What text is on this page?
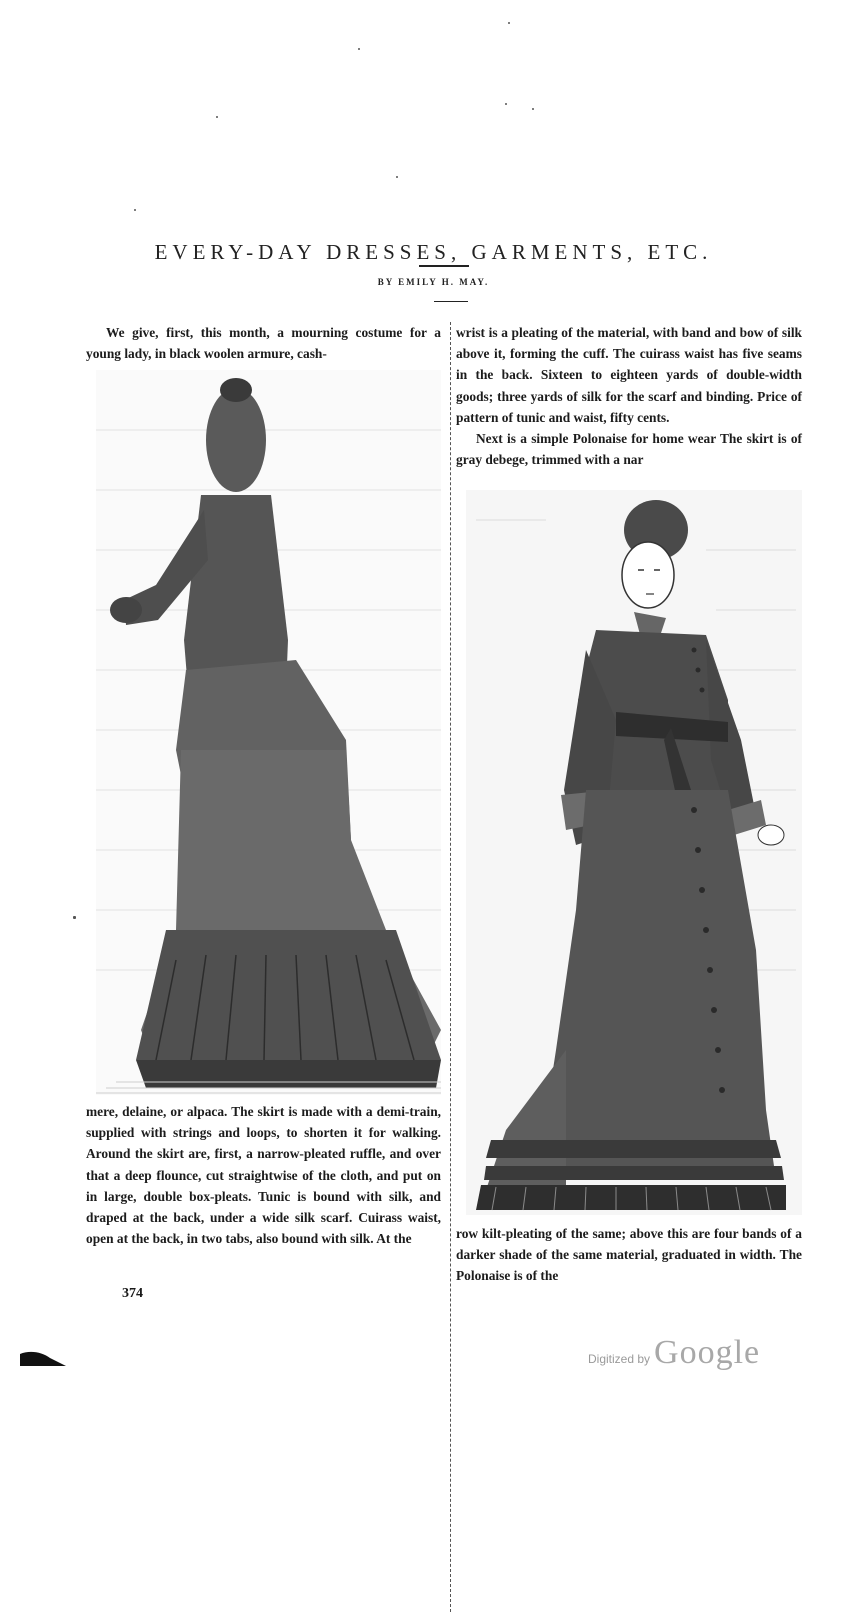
EVERY-DAY DRESSES, GARMENTS, ETC.
BY EMILY H. MAY.

We give, first, this month, a mourning costume for a young lady, in black woolen armure, cash-

mere, delaine, or alpaca. The skirt is made with a demi-train, supplied with strings and loops, to shorten it for walking. Around the skirt are, first, a narrow-pleated ruffle, and over that a deep flounce, cut straightwise of the cloth, and put on in large, double box-pleats. Tunic is bound with silk, and draped at the back, under a wide silk scarf. Cuirass waist, open at the back, in two tabs, also bound with silk. At the

wrist is a pleating of the material, with band and bow of silk above it, forming the cuff. The cuirass waist has five seams in the back. Sixteen to eighteen yards of double-width goods; three yards of silk for the scarf and binding. Price of pattern of tunic and waist, fifty cents.

Next is a simple Polonaise for home wear The skirt is of gray debege, trimmed with a nar

row kilt-pleating of the same; above this are four bands of a darker shade of the same material, graduated in width. The Polonaise is of the

374
Digitized by Google
